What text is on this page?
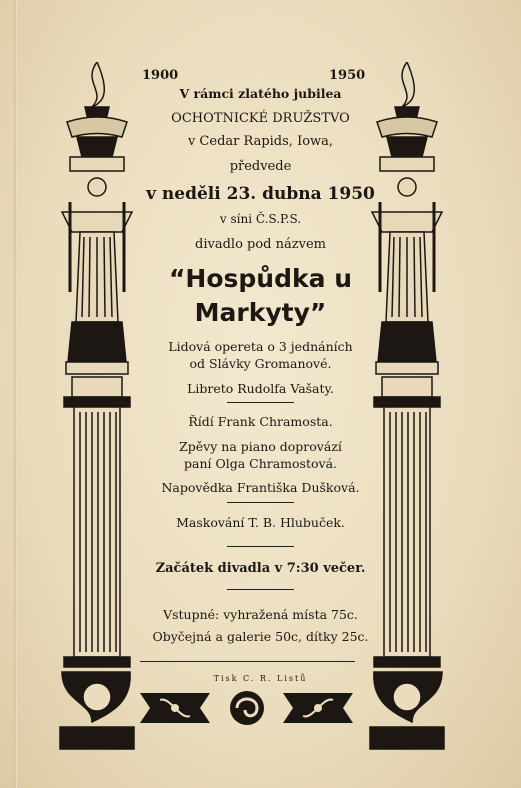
1900	1950
V rámci zlatého jubilea
OCHOTNICKÉ DRUŽSTVO
v Cedar Rapids, Iowa,
předvede
v neděli 23. dubna 1950
v síni Č.S.P.S.
divadlo pod názvem
“Hospůdka u
Markyty”
Lidová opereta o 3 jednáních
od Slávky Gromanové.
Libreto Rudolfa Vašaty.
Řídí Frank Chramosta.
Zpěvy na piano doprovází
paní Olga Chramostová.
Napovědka Františka Dušková.
Maskování T. B. Hlubuček.
Začátek divadla v 7:30 večer.
Vstupné: vyhražená místa 75c.
Obyčejná a galerie 50c, dítky 25c.
Tisk C. R. Listů
